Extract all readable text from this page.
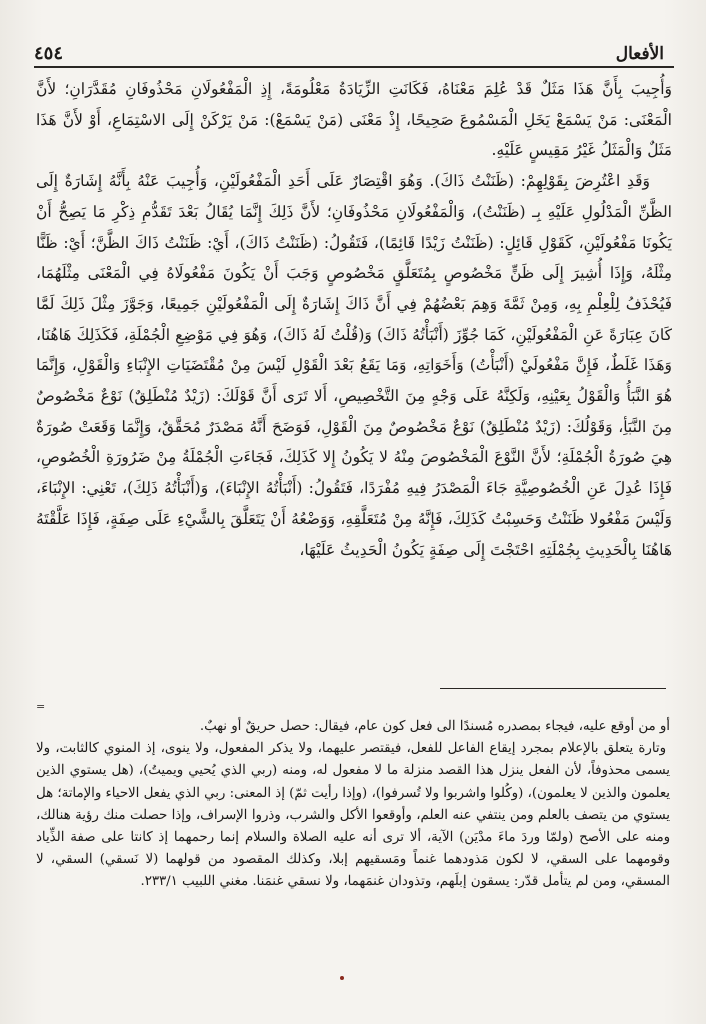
الأفعال
٤٥٤

وَأُجِيبَ بِأَنَّ هَذَا مَثَلٌ قَدْ عُلِمَ مَعْنَاهُ، فَكَانَتِ الزِّيَادَةُ مَعْلُومَةً، إِذِ الْمَفْعُولَانِ مَحْذُوفَانِ مُقَدَّرَانِ؛ لأَنَّ الْمَعْنَى: مَنْ يَسْمَعْ يَخَلِ الْمَسْمُوعَ صَحِيحًا، إِذْ مَعْنَى (مَنْ يَسْمَعْ): مَنْ يَرْكَنْ إِلَى الاسْتِمَاعِ، أَوْ لأَنَّ هَذَا مَثَلٌ وَالْمَثَلُ غَيْرُ مَقِيسٍ عَلَيْهِ.

وَقَدِ اعْتُرِضَ بِقَوْلِهِمْ: (ظَنَنْتُ ذَاكَ). وَهُوَ اقْتِصَارٌ عَلَى أَحَدِ الْمَفْعُولَيْنِ، وَأُجِيبَ عَنْهُ بِأَنَّهُ إِشَارَةٌ إِلَى الظَّنِّ الْمَدْلُولِ عَلَيْهِ بِـ (ظَنَنْتُ)، وَالْمَفْعُولَانِ مَحْذُوفَانِ؛ لأَنَّ ذَلِكَ إِنَّمَا يُقَالُ بَعْدَ تَقَدُّمِ ذِكْرِ مَا يَصِحُّ أَنْ يَكُونَا مَفْعُولَيْنِ، كَقَوْلِ قَائِلٍ: (ظَنَنْتُ زَيْدًا قَائِمًا)، فَتَقُولُ: (ظَنَنْتُ ذَاكَ)، أَيْ: ظَنَنْتُ ذَاكَ الظَّنَّ؛ أَيْ: ظَنًّا مِثْلَهُ، وَإِذَا أُشِيرَ إِلَى ظَنٍّ مَخْصُوصٍ بِمُتَعَلَّقٍ مَخْصُوصٍ وَجَبَ أَنْ يَكُونَ مَفْعُولَاهُ فِي الْمَعْنَى مِثْلَهُمَا، فَيُحْذَفُ لِلْعِلْمِ بِهِ، وَمِنْ ثَمَّةَ وَهِمَ بَعْضُهُمْ فِي أَنَّ ذَاكَ إِشَارَةٌ إِلَى الْمَفْعُولَيْنِ جَمِيعًا، وَجَوَّزَ مِثْلَ ذَلِكَ لَمَّا كَانَ عِبَارَةً عَنِ الْمَفْعُولَيْنِ، كَمَا جُوِّزَ (أَنْبَأْتُهُ ذَاكَ) وَ(قُلْتُ لَهُ ذَاكَ)، وَهُوَ فِي مَوْضِعِ الْجُمْلَةِ، فَكَذَلِكَ هَاهُنَا، وَهَذَا غَلَطٌ، فَإِنَّ مَفْعُولَيْ (أَنْبَأْتُ) وَأَخَوَاتِهِ، وَمَا يَقَعُ بَعْدَ الْقَوْلِ لَيْسَ مِنْ مُقْتَضَيَاتِ الإِنْبَاءِ وَالْقَوْلِ، وَإِنَّمَا هُوَ النَّبَأُ وَالْقَوْلُ بِعَيْنِهِ، وَلَكِنَّهُ عَلَى وَجْهٍ مِنَ التَّخْصِيصِ، أَلا تَرَى أَنَّ قَوْلَكَ: (زَيْدٌ مُنْطَلِقٌ) نَوْعٌ مَخْصُوصٌ مِنَ النَّبَأِ، وَقَوْلُكَ: (زَيْدٌ مُنْطَلِقٌ) نَوْعٌ مَخْصُوصٌ مِنَ الْقَوْلِ، فَوَضَحَ أَنَّهُ مَصْدَرٌ مُحَقَّقٌ، وَإِنَّمَا وَقَعَتْ صُورَةٌ هِيَ صُورَةُ الْجُمْلَةِ؛ لأَنَّ النَّوْعَ الْمَخْصُوصَ مِنْهُ لا يَكُونُ إِلا كَذَلِكَ، فَجَاءَتِ الْجُمْلَةُ مِنْ ضَرُورَةِ الْخُصُوصِ، فَإِذَا عُدِلَ عَنِ الْخُصُوصِيَّةِ جَاءَ الْمَصْدَرُ فِيهِ مُفْرَدًا، فَتَقُولُ: (أَنْبَأْتُهُ الإِنْبَاءَ)، وَ(أَنْبَأْتُهُ ذَلِكَ)، تَعْنِي: الإِنْبَاءَ، وَلَيْسَ مَفْعُولا ظَنَنْتُ وَحَسِبْتُ كَذَلِكَ، فَإِنَّهُ مِنْ مُتَعَلَّقِهِ، وَوَضْعُهُ أَنْ يَتَعَلَّقَ بِالشَّيْءِ عَلَى صِفَةٍ، فَإِذَا عَلَّقْتَهُ هَاهُنَا بِالْحَدِيثِ بِجُمْلَتِهِ احْتَجْتَ إِلَى صِفَةٍ يَكُونُ الْحَدِيثُ عَلَيْهَا،

=

أو من أوقع عليه، فيجاء بمصدره مُسندًا الى فعل كون عام، فيقال: حصل حريقٌ أو نهبٌ.

وتارة يتعلق بالإعلام بمجرد إيقاع الفاعل للفعل، فيقتصر عليهما، ولا يذكر المفعول، ولا ينوى، إذ المنوي كالثابت، ولا يسمى محذوفاً، لأن الفعل ينزل هذا القصد منزلة ما لا مفعول له، ومنه (ربي الذي يُحيي ويميتُ)، (هل يستوي الذين يعلمون والذين لا يعلمون)، (وكُلوا واشربوا ولا تُسرفوا)، (وإذا رأيت ثمّ) إذ المعنى: ربي الذي يفعل الاحياء والإماتة؛ هل يستوي من يتصف بالعلم ومن ينتفي عنه العلم، وأوقعوا الأكل والشرب، وذروا الإسراف، وإذا حصلت منك رؤية هنالك، ومنه على الأصح (ولمّا وردَ ماءَ مدْيَن) الآية، ألا ترى أنه عليه الصلاة والسلام إنما رحمهما إذ كانتا على صفة الذِّياد وقومهما على السقي، لا لكون مَذودهما غنماً ومَسقيهم إبلا، وكذلك المقصود من قولهما (لا نَسقي) السقي، لا المسقي، ومن لم يتأمل قدّر: يسقون إبلَهم، وتذودان غنمَهما، ولا نسقي غنمَنا. مغني اللبيب ٢٣٣/١.
